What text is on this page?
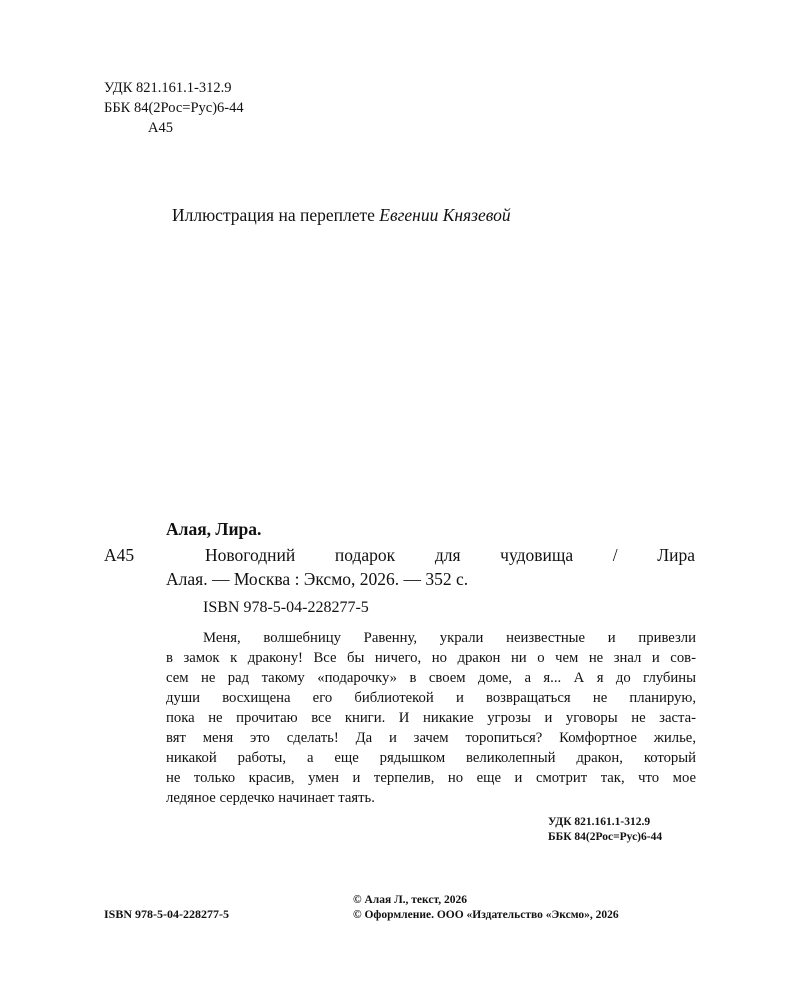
УДК 821.161.1-312.9
ББК 84(2Рос=Рус)6-44
А45
Иллюстрация на переплете Евгении Князевой
Алая, Лира.
А45	Новогодний подарок для чудовища / Лира
Алая. — Москва : Эксмо, 2026. — 352 с.
ISBN 978-5-04-228277-5
Меня, волшебницу Равенну, украли неизвестные и привезли
в замок к дракону! Все бы ничего, но дракон ни о чем не знал и сов-
сем не рад такому «подарочку» в своем доме, а я... А я до глубины
души восхищена его библиотекой и возвращаться не планирую,
пока не прочитаю все книги. И никакие угрозы и уговоры не заста-
вят меня это сделать! Да и зачем торопиться? Комфортное жилье,
никакой работы, а еще рядышком великолепный дракон, который
не только красив, умен и терпелив, но еще и смотрит так, что мое
ледяное сердечко начинает таять.
УДК 821.161.1-312.9
ББК 84(2Рос=Рус)6-44
ISBN 978-5-04-228277-5
© Алая Л., текст, 2026
© Оформление. ООО «Издательство «Эксмо», 2026
